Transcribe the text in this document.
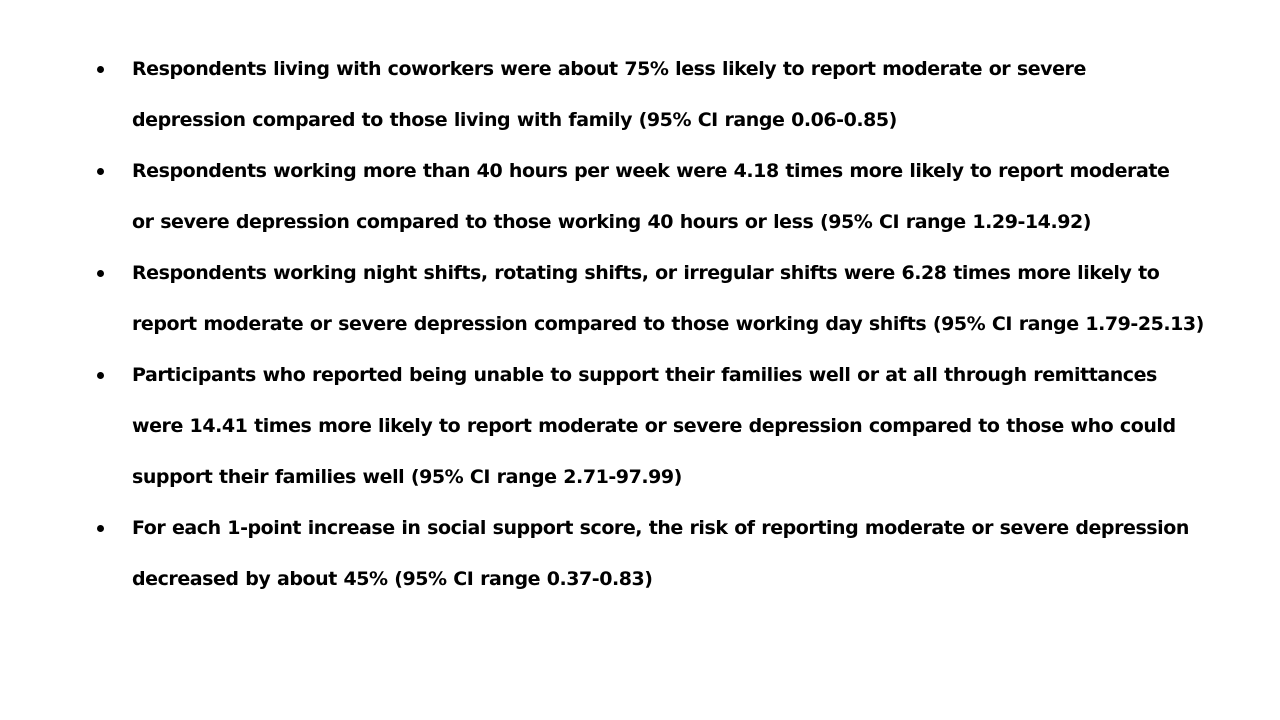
Respondents living with coworkers were about 75% less likely to report moderate or severe
depression compared to those living with family (95% CI range 0.06-0.85)
Respondents working more than 40 hours per week were 4.18 times more likely to report moderate
or severe depression compared to those working 40 hours or less (95% CI range 1.29-14.92)
Respondents working night shifts, rotating shifts, or irregular shifts were 6.28 times more likely to
report moderate or severe depression compared to those working day shifts (95% CI range 1.79-25.13)
Participants who reported being unable to support their families well or at all through remittances
were 14.41 times more likely to report moderate or severe depression compared to those who could
support their families well (95% CI range 2.71-97.99)
For each 1-point increase in social support score, the risk of reporting moderate or severe depression
decreased by about 45% (95% CI range 0.37-0.83)
